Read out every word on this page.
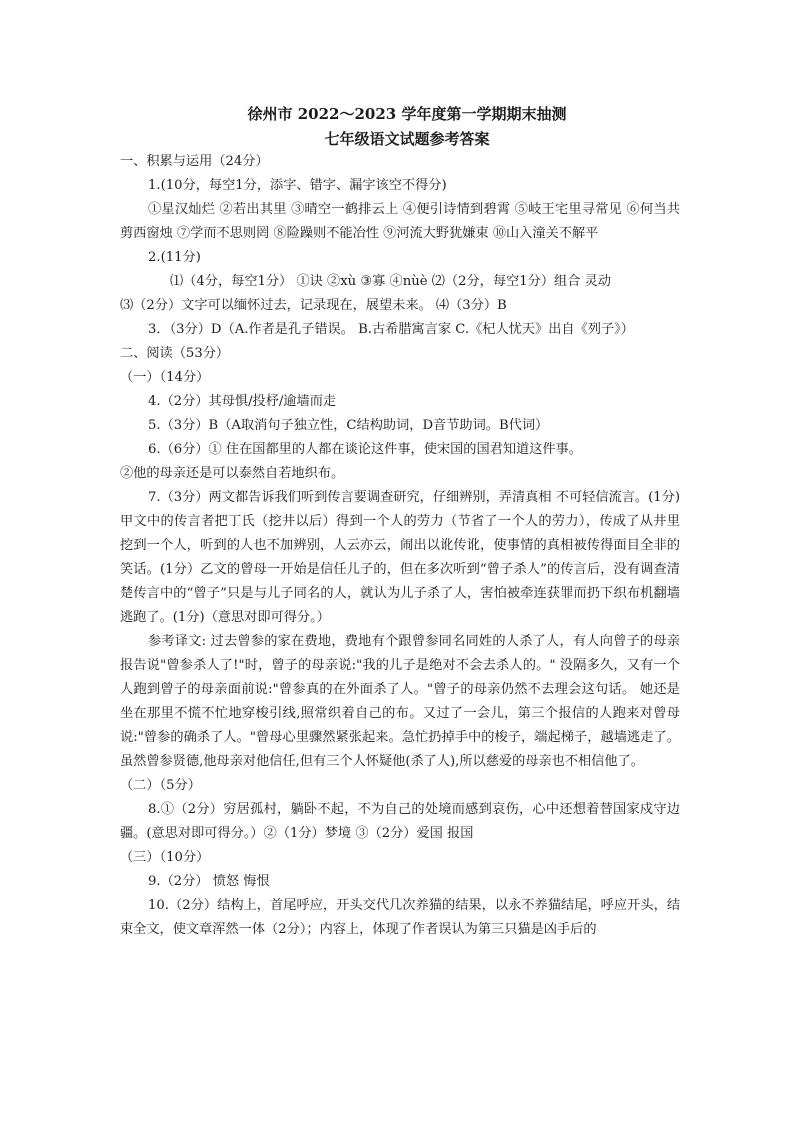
徐州市 2022～2023 学年度第一学期期末抽测
七年级语文试题参考答案
一、积累与运用（24分）
1.(10分，每空1分，添字、错字、漏字该空不得分)
①星汉灿烂 ②若出其里 ③晴空一鹤排云上 ④便引诗情到碧霄 ⑤岐王宅里寻常见 ⑥何当共剪西窗烛 ⑦学而不思则罔 ⑧险躁则不能冶性 ⑨河流大野犹嫌束 ⑩山入潼关不解平
2.(11分)
⑴（4分，每空1分） ①诀 ②xù ③寡 ④nùè ⑵（2分，每空1分）组合 灵动
⑶（2分）文字可以缅怀过去，记录现在，展望未来。 ⑷（3分）B
3．（3分）D（A.作者是孔子错误。 B.古希腊寓言家 C.《杞人忧天》出自《列子》）
二、阅读（53分）
（一）（14分）
4.（2分）其母惧/投杼/逾墙而走
5.（3分）B（A取消句子独立性，C结构助词，D音节助词。B代词）
6.（6分）① 住在国都里的人都在谈论这件事，使宋国的国君知道这件事。
②他的母亲还是可以泰然自若地织布。
7.（3分）两文都告诉我们听到传言要调查研究，仔细辨别，弄清真相 不可轻信流言。(1分)甲文中的传言者把丁氏（挖井以后）得到一个人的劳力（节省了一个人的劳力），传成了从井里挖到一个人，听到的人也不加辨别，人云亦云，闹出以讹传讹，使事情的真相被传得面目全非的笑话。(1分）乙文的曾母一开始是信任儿子的，但在多次听到“曾子杀人”的传言后，没有调查清楚传言中的“曾子”只是与儿子同名的人，就认为儿子杀了人，害怕被牵连获罪而扔下织布机翻墙逃跑了。(1分)（意思对即可得分。）
参考译文: 过去曾参的家在费地，费地有个跟曾参同名同姓的人杀了人，有人向曾子的母亲报告说"曾参杀人了!"时，曾子的母亲说:"我的儿子是绝对不会去杀人的。" 没隔多久，又有一个人跑到曾子的母亲面前说:"曾参真的在外面杀了人。"曾子的母亲仍然不去理会这句话。 她还是坐在那里不慌不忙地穿梭引线,照常织着自己的布。又过了一会儿，第三个报信的人跑来对曾母说:"曾参的确杀了人。"曾母心里骤然紧张起来。急忙扔掉手中的梭子，端起梯子，越墙逃走了。虽然曾参贤德,他母亲对他信任,但有三个人怀疑他(杀了人),所以慈爱的母亲也不相信他了。
（二）（5分）
8.①（2分）穷居孤村，躺卧不起，不为自己的处境而感到哀伤，心中还想着替国家戍守边疆。(意思对即可得分。）②（1分）梦境 ③（2分）爱国 报国
（三）（10分）
9.（2分） 愤怒 悔恨
10.（2分）结构上，首尾呼应，开头交代几次养猫的结果，以永不养猫结尾，呼应开头，结束全文，使文章浑然一体（2分）；内容上，体现了作者误认为第三只猫是凶手后的
